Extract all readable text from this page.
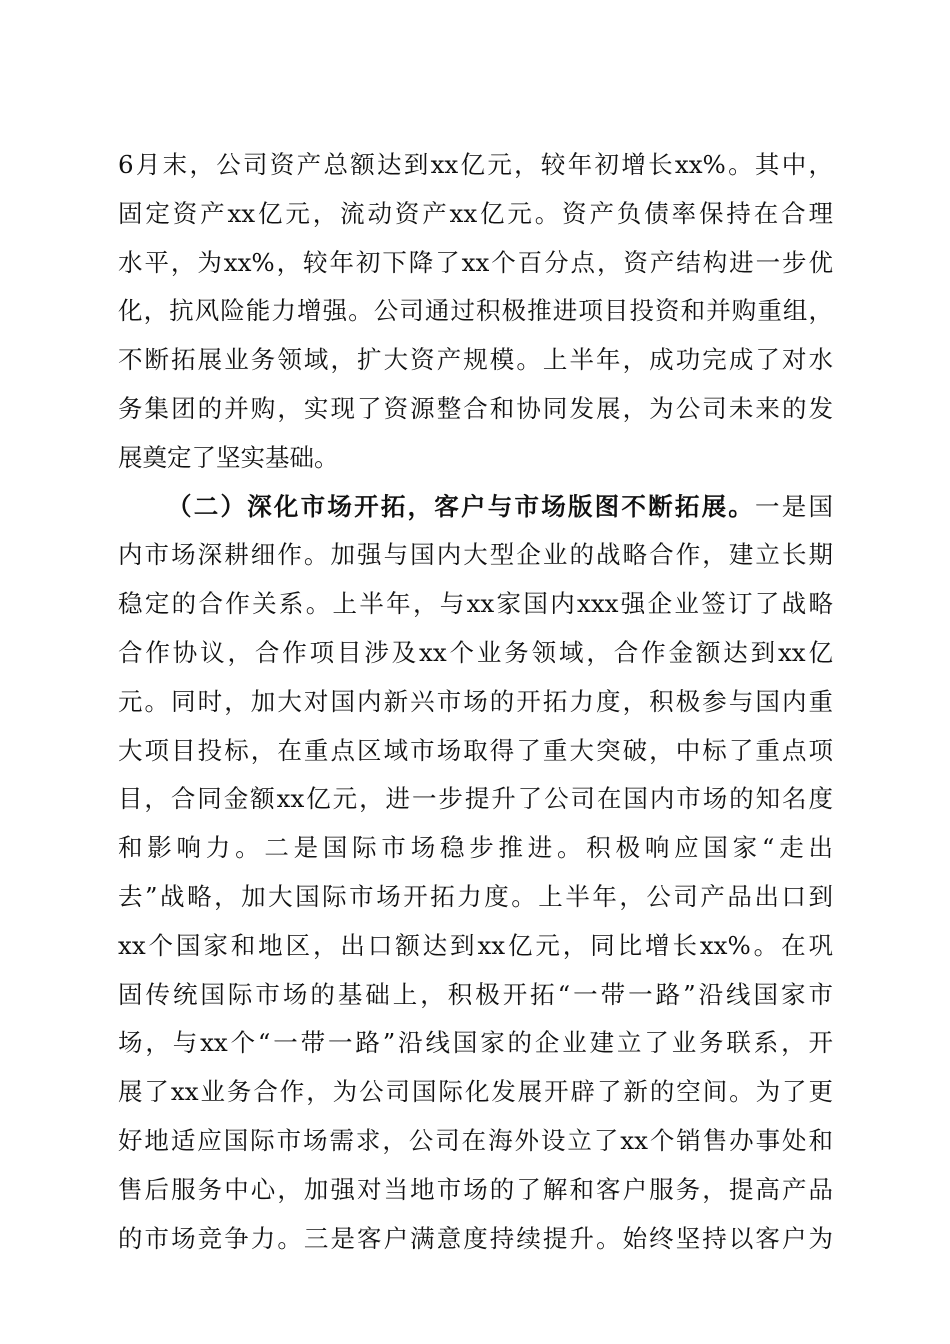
6月末，公司资产总额达到xx亿元，较年初增长xx%。其中，
固定资产xx亿元，流动资产xx亿元。资产负债率保持在合理
水平，为xx%，较年初下降了xx个百分点，资产结构进一步优
化，抗风险能力增强。公司通过积极推进项目投资和并购重组，
不断拓展业务领域，扩大资产规模。上半年，成功完成了对水
务集团的并购，实现了资源整合和协同发展，为公司未来的发
展奠定了坚实基础。
（二）深化市场开拓，客户与市场版图不断拓展。一是国
内市场深耕细作。加强与国内大型企业的战略合作，建立长期
稳定的合作关系。上半年，与xx家国内xxx强企业签订了战略
合作协议，合作项目涉及xx个业务领域，合作金额达到xx亿
元。同时，加大对国内新兴市场的开拓力度，积极参与国内重
大项目投标，在重点区域市场取得了重大突破，中标了重点项
目，合同金额xx亿元，进一步提升了公司在国内市场的知名度
和影响力。二是国际市场稳步推进。积极响应国家“走出
去”战略，加大国际市场开拓力度。上半年，公司产品出口到
xx个国家和地区，出口额达到xx亿元，同比增长xx%。在巩
固传统国际市场的基础上，积极开拓“一带一路”沿线国家市
场，与xx个“一带一路”沿线国家的企业建立了业务联系，开
展了xx业务合作，为公司国际化发展开辟了新的空间。为了更
好地适应国际市场需求，公司在海外设立了xx个销售办事处和
售后服务中心，加强对当地市场的了解和客户服务，提高产品
的市场竞争力。三是客户满意度持续提升。始终坚持以客户为
